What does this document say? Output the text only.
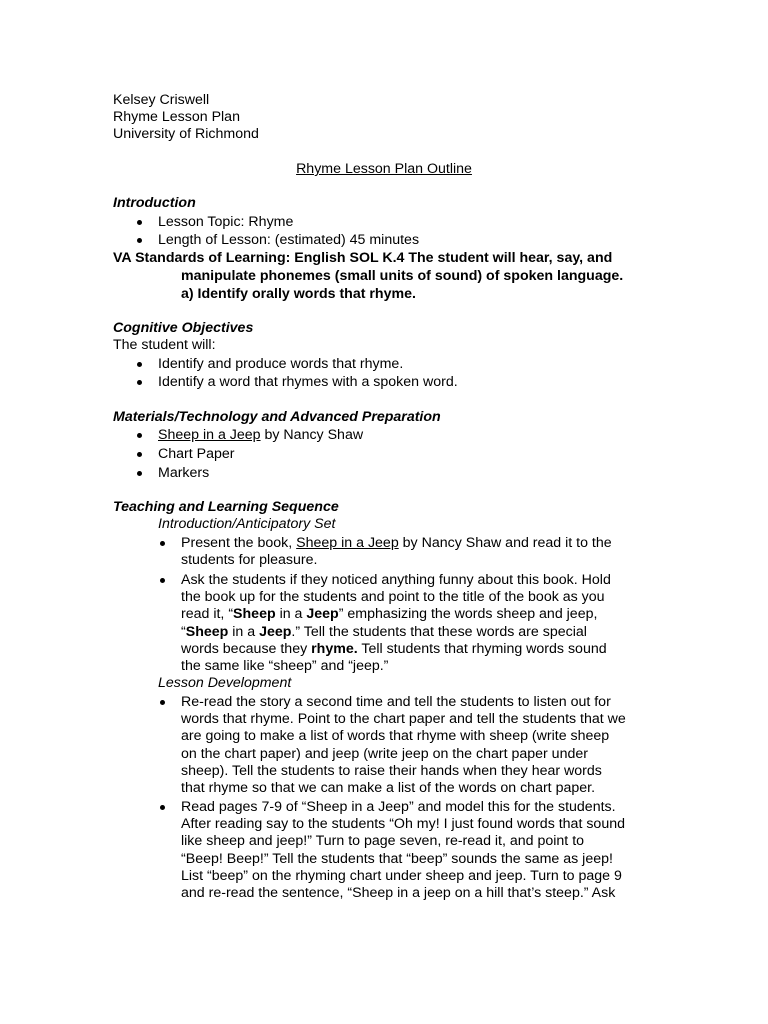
Kelsey Criswell
Rhyme Lesson Plan
University of Richmond
Rhyme Lesson Plan Outline
Introduction
Lesson Topic: Rhyme
Length of Lesson: (estimated) 45 minutes
VA Standards of Learning: English SOL K.4 The student will hear, say, and
manipulate phonemes (small units of sound) of spoken language.
a) Identify orally words that rhyme.
Cognitive Objectives
The student will:
Identify and produce words that rhyme.
Identify a word that rhymes with a spoken word.
Materials/Technology and Advanced Preparation
Sheep in a Jeep by Nancy Shaw
Chart Paper
Markers
Teaching and Learning Sequence
Introduction/Anticipatory Set
Present the book, Sheep in a Jeep by Nancy Shaw and read it to the
students for pleasure.
Ask the students if they noticed anything funny about this book. Hold
the book up for the students and point to the title of the book as you
read it, “Sheep in a Jeep” emphasizing the words sheep and jeep,
“Sheep in a Jeep.” Tell the students that these words are special
words because they rhyme. Tell students that rhyming words sound
the same like “sheep” and “jeep.”
Lesson Development
Re-read the story a second time and tell the students to listen out for
words that rhyme. Point to the chart paper and tell the students that we
are going to make a list of words that rhyme with sheep (write sheep
on the chart paper) and jeep (write jeep on the chart paper under
sheep). Tell the students to raise their hands when they hear words
that rhyme so that we can make a list of the words on chart paper.
Read pages 7-9 of “Sheep in a Jeep” and model this for the students.
After reading say to the students “Oh my! I just found words that sound
like sheep and jeep!” Turn to page seven, re-read it, and point to
“Beep! Beep!” Tell the students that “beep” sounds the same as jeep!
List “beep” on the rhyming chart under sheep and jeep. Turn to page 9
and re-read the sentence, “Sheep in a jeep on a hill that’s steep.” Ask
